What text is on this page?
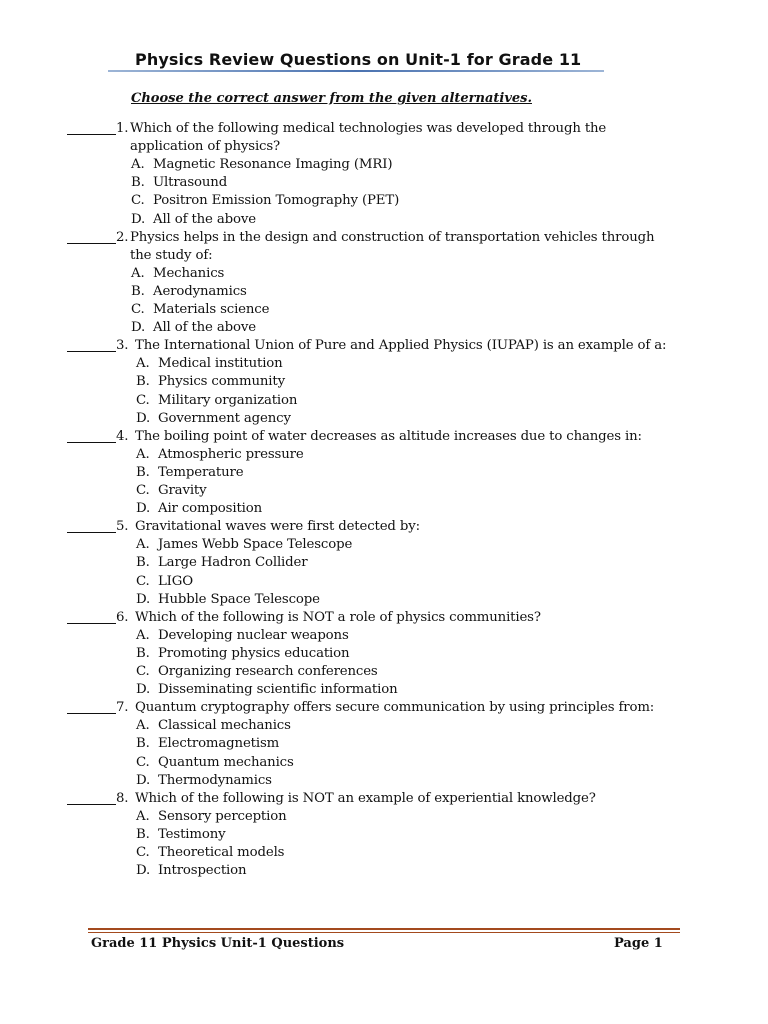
Physics Review Questions on Unit-1 for Grade 11
Choose the correct answer from the given alternatives.
1. Which of the following medical technologies was developed through the
application of physics?
A. Magnetic Resonance Imaging (MRI)
B. Ultrasound
C. Positron Emission Tomography (PET)
D. All of the above
2. Physics helps in the design and construction of transportation vehicles through
the study of:
A. Mechanics
B. Aerodynamics
C. Materials science
D. All of the above
3. The International Union of Pure and Applied Physics (IUPAP) is an example of a:
A. Medical institution
B. Physics community
C. Military organization
D. Government agency
4. The boiling point of water decreases as altitude increases due to changes in:
A. Atmospheric pressure
B. Temperature
C. Gravity
D. Air composition
5. Gravitational waves were first detected by:
A. James Webb Space Telescope
B. Large Hadron Collider
C. LIGO
D. Hubble Space Telescope
6. Which of the following is NOT a role of physics communities?
A. Developing nuclear weapons
B. Promoting physics education
C. Organizing research conferences
D. Disseminating scientific information
7. Quantum cryptography offers secure communication by using principles from:
A. Classical mechanics
B. Electromagnetism
C. Quantum mechanics
D. Thermodynamics
8. Which of the following is NOT an example of experiential knowledge?
A. Sensory perception
B. Testimony
C. Theoretical models
D. Introspection
Grade 11 Physics Unit-1 Questions	Page 1
